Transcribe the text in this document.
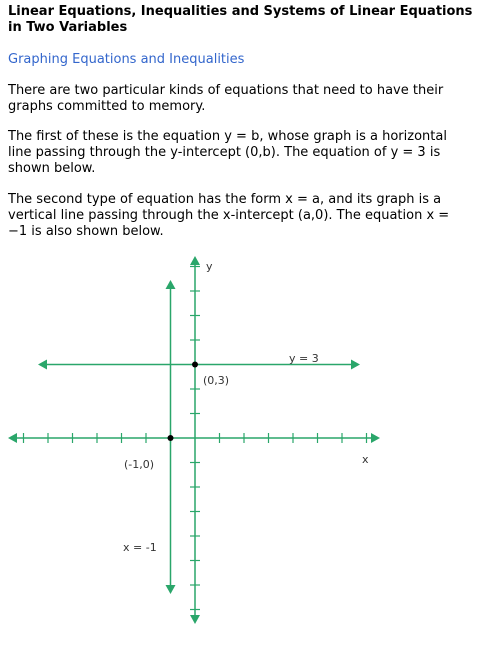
Linear Equations, Inequalities and Systems of Linear Equations in Two Variables
Graphing Equations and Inequalities

There are two particular kinds of equations that need to have their graphs committed to memory.

The first of these is the equation y = b, whose graph is a horizontal line passing through the y-intercept (0,b). The equation of y = 3 is shown below.

The second type of equation has the form x = a, and its graph is a vertical line passing through the x-intercept (a,0). The equation x = −1 is also shown below.

y
x
y = 3
(0,3)
(-1,0)
x = -1
